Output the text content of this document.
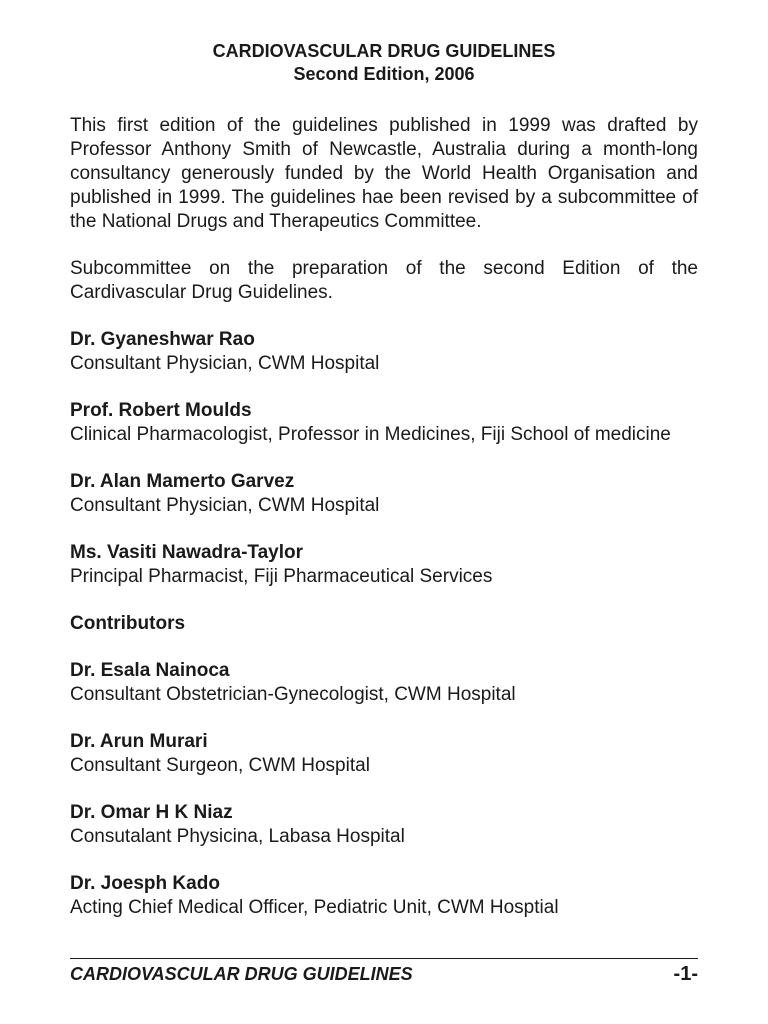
CARDIOVASCULAR DRUG GUIDELINES

Second Edition, 2006

This first edition of the guidelines published in 1999 was drafted by Professor Anthony Smith of Newcastle, Australia during a month-long consultancy generously funded by the World Health Organisation and published in 1999. The guidelines hae been revised by a subcommittee of the National Drugs and Therapeutics Committee.

Subcommittee on the preparation of the second Edition of the Cardivascular Drug Guidelines.

Dr. Gyaneshwar Rao
Consultant Physician, CWM Hospital
Prof. Robert Moulds
Clinical Pharmacologist, Professor in Medicines, Fiji School of medicine
Dr. Alan Mamerto Garvez
Consultant Physician, CWM Hospital
Ms. Vasiti Nawadra-Taylor
Principal Pharmacist, Fiji Pharmaceutical Services
Contributors
Dr. Esala Nainoca
Consultant Obstetrician-Gynecologist, CWM Hospital
Dr. Arun Murari
Consultant Surgeon, CWM Hospital
Dr. Omar H K Niaz
Consutalant Physicina, Labasa Hospital
Dr. Joesph Kado
Acting Chief Medical Officer, Pediatric Unit, CWM Hosptial
CARDIOVASCULAR DRUG GUIDELINES	-1-
